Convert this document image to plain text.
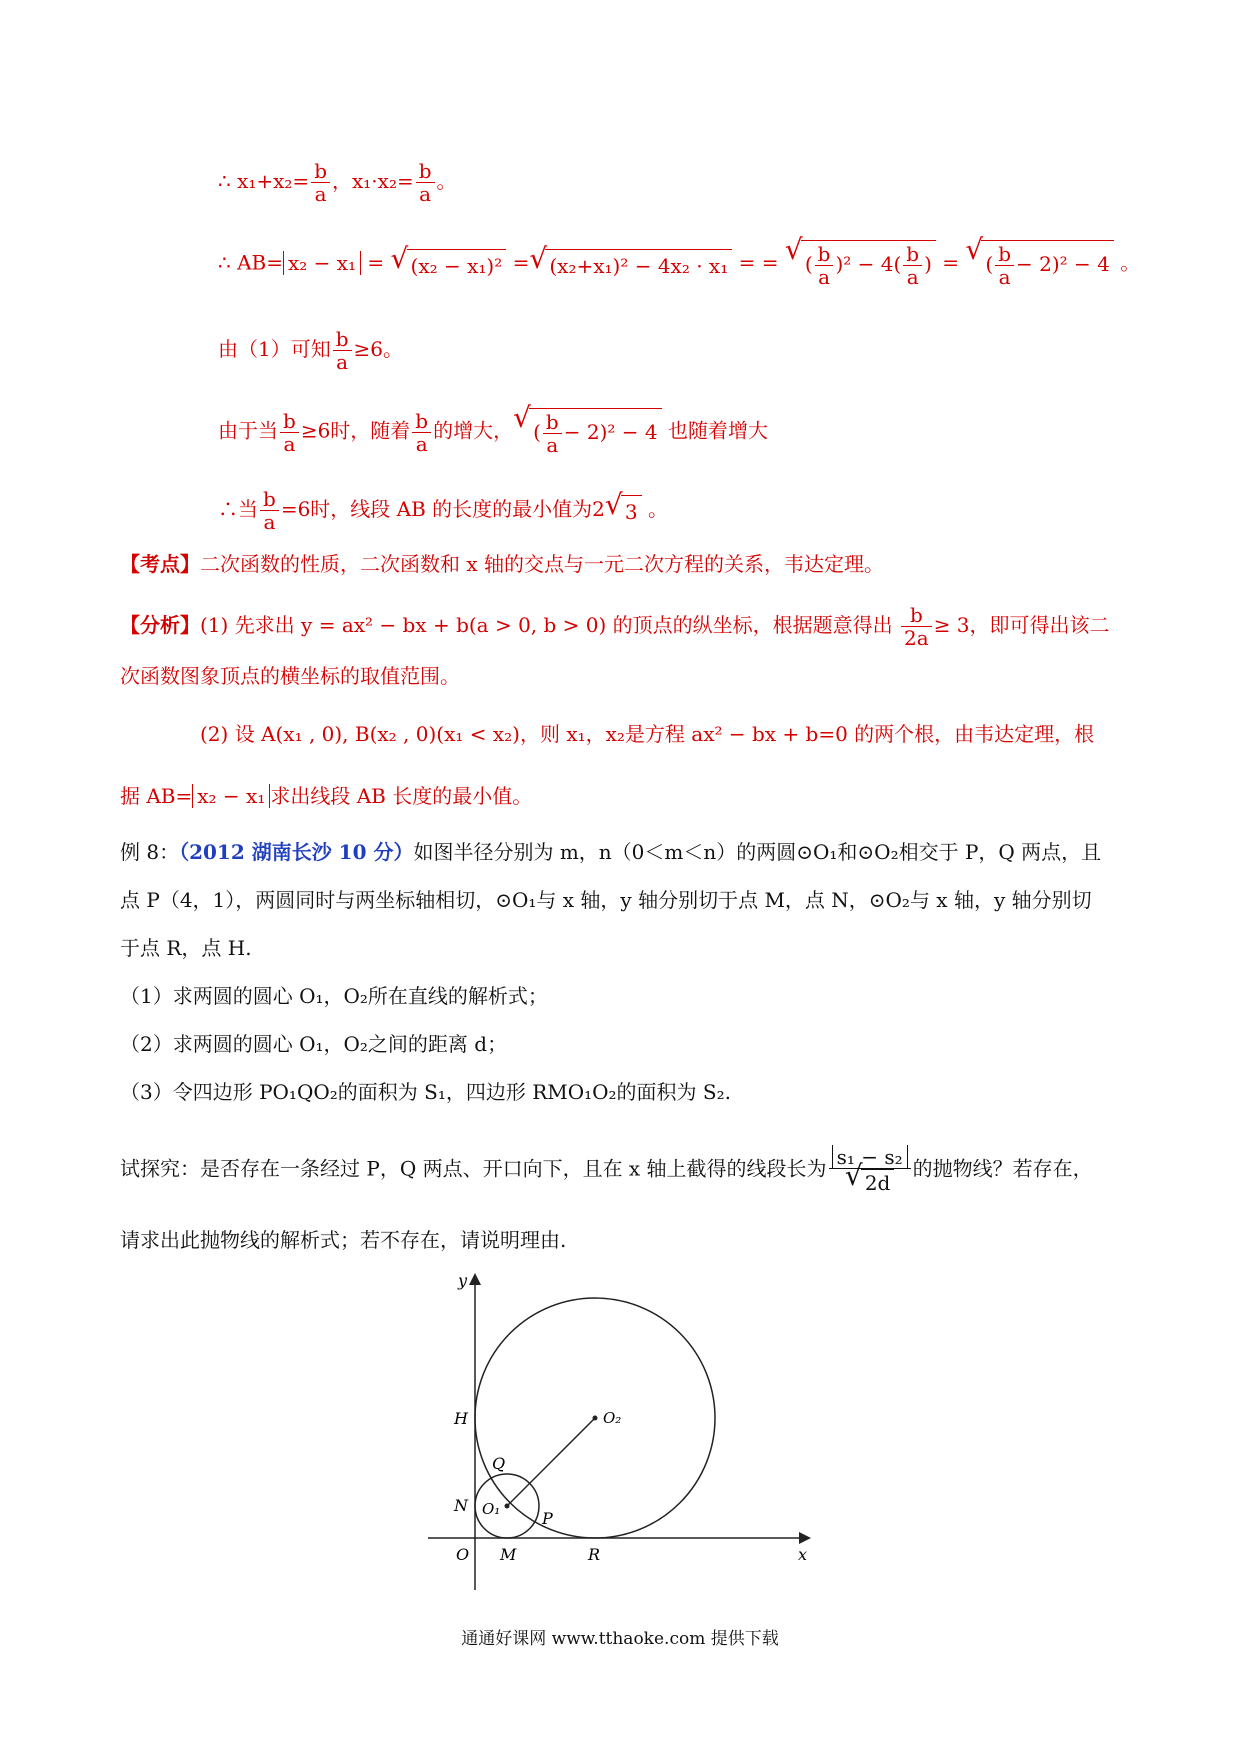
∴ $x_1+x_2= \frac{b}{a}$ ，$x_1\cdot x_2= \frac{b}{a}$ 。
∴ AB= x₂ − x₁ = √ (x₂ − x₁)² = √ (x₂+x₁)² − 4x₂ · x₁ = = √ ( $\frac{b}{a} )^2 - 4( \frac{b}{a}$ ) = √ ( $\frac{b}{a} - 2)^2 - 4$ 。
由（1）可知 $\frac{b}{a} \ge 6$。
由于当 $\frac{b}{a} \ge 6$时，随着 $\frac{b}{a}$ 的增大， √ ( $\frac{b}{a} - 2)^2 - 4$ 也随着增大
∴当 $\frac{b}{a} =6$时，线段 AB 的长度的最小值为2 √ 3 。
【考点】二次函数的性质，二次函数和 x 轴的交点与一元二次方程的关系，韦达定理。
【分析】(1) 先求出 y = ax² − bx + b(a > 0, b > 0) 的顶点的纵坐标，根据题意得出 $\frac{b}{2a} \ge 3$，即可得出该二
次函数图象顶点的横坐标的取值范围。
(2) 设 A(x₁ , 0), B(x₂ , 0)(x₁ < x₂)，则 x₁，x₂是方程 ax² − bx + b=0 的两个根，由韦达定理，根
据 AB= x₂ − x₁ 求出线段 AB 长度的最小值。
例 8：（2012 湖南长沙 10 分）如图半径分别为 m，n（0＜m＜n）的两圆⊙O₁和⊙O₂相交于 P，Q 两点，且
点 P（4，1），两圆同时与两坐标轴相切，⊙O₁与 x 轴，y 轴分别切于点 M，点 N，⊙O₂与 x 轴，y 轴分别切
于点 R，点 H.
（1）求两圆的圆心 O₁，O₂所在直线的解析式；
（2）求两圆的圆心 O₁，O₂之间的距离 d；
（3）令四边形 PO₁QO₂的面积为 S₁，四边形 RMO₁O₂的面积为 S₂.
试探究：是否存在一条经过 P，Q 两点、开口向下，且在 x 轴上截得的线段长为 s₁ − s₂
√ 2d 的抛物线？若存在，
请求出此抛物线的解析式；若不存在，请说明理由.
y
x
O M	R
N
H
Q
P
O₁
O₂
通通好课网 www.tthaoke.com 提供下载
